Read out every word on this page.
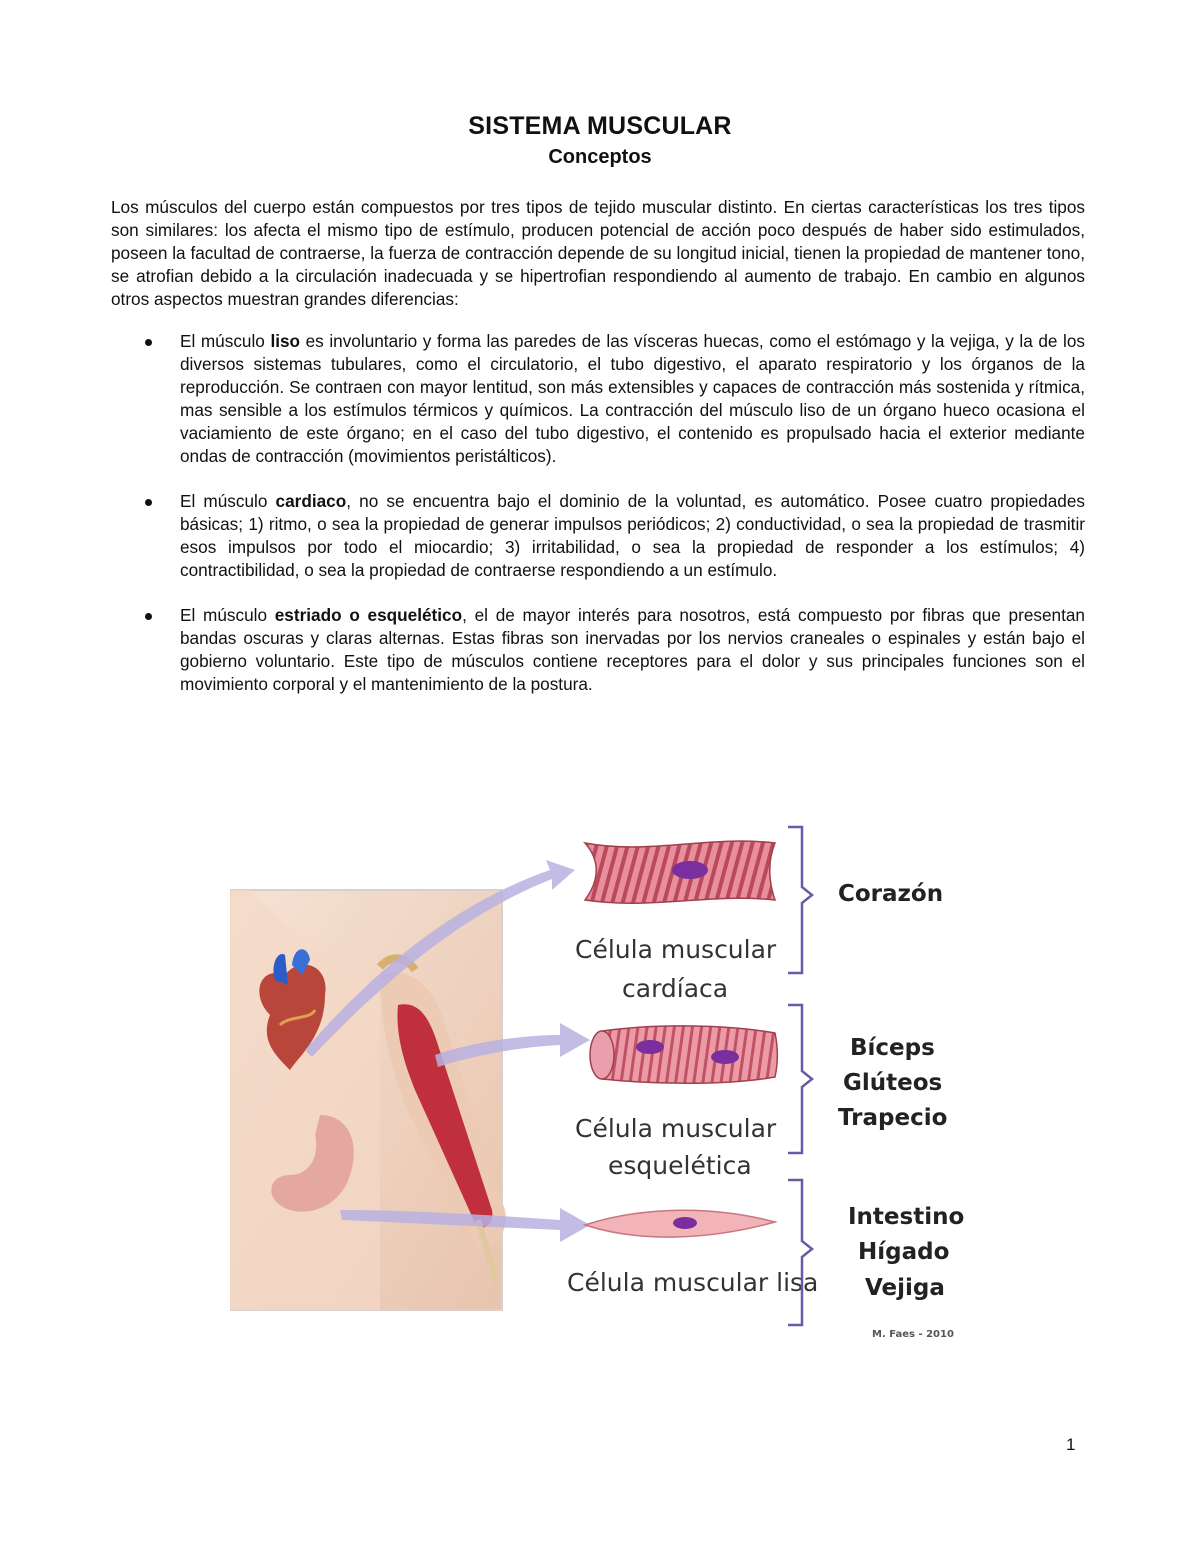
SISTEMA MUSCULAR
Conceptos

Los músculos del cuerpo están compuestos por tres tipos de tejido muscular distinto. En ciertas características los tres tipos son similares: los afecta el mismo tipo de estímulo, producen potencial de acción poco después de haber sido estimulados, poseen la facultad de contraerse, la fuerza de contracción depende de su longitud inicial, tienen la propiedad de mantener tono, se atrofian debido a la circulación inadecuada y se hipertrofian respondiendo al aumento de trabajo. En cambio en algunos otros aspectos muestran grandes diferencias:

El músculo liso es involuntario y forma las paredes de las vísceras huecas, como el estómago y la vejiga, y la de los diversos sistemas tubulares, como el circulatorio, el tubo digestivo, el aparato respiratorio y los órganos de la reproducción. Se contraen con mayor lentitud, son más extensibles y capaces de contracción más sostenida y rítmica, mas sensible a los estímulos térmicos y químicos. La contracción del músculo liso de un órgano hueco ocasiona el vaciamiento de este órgano; en el caso del tubo digestivo, el contenido es propulsado hacia el exterior mediante ondas de contracción (movimientos peristálticos).
El músculo cardiaco, no se encuentra bajo el dominio de la voluntad, es automático. Posee cuatro propiedades básicas; 1) ritmo, o sea la propiedad de generar impulsos periódicos; 2) conductividad, o sea la propiedad de trasmitir esos impulsos por todo el miocardio; 3) irritabilidad, o sea la propiedad de responder a los estímulos; 4) contractibilidad, o sea la propiedad de contraerse respondiendo a un estímulo.
El músculo estriado o esquelético, el de mayor interés para nosotros, está compuesto por fibras que presentan bandas oscuras y claras alternas. Estas fibras son inervadas por los nervios craneales o espinales y están bajo el gobierno voluntario. Este tipo de músculos contiene receptores para el dolor y sus principales funciones son el movimiento corporal y el mantenimiento de la postura.
Célula muscular
cardíaca
Célula muscular
esquelética
Célula muscular lisa
Corazón
Bíceps
Glúteos
Trapecio
Intestino
Hígado
Vejiga
M. Faes - 2010
1
